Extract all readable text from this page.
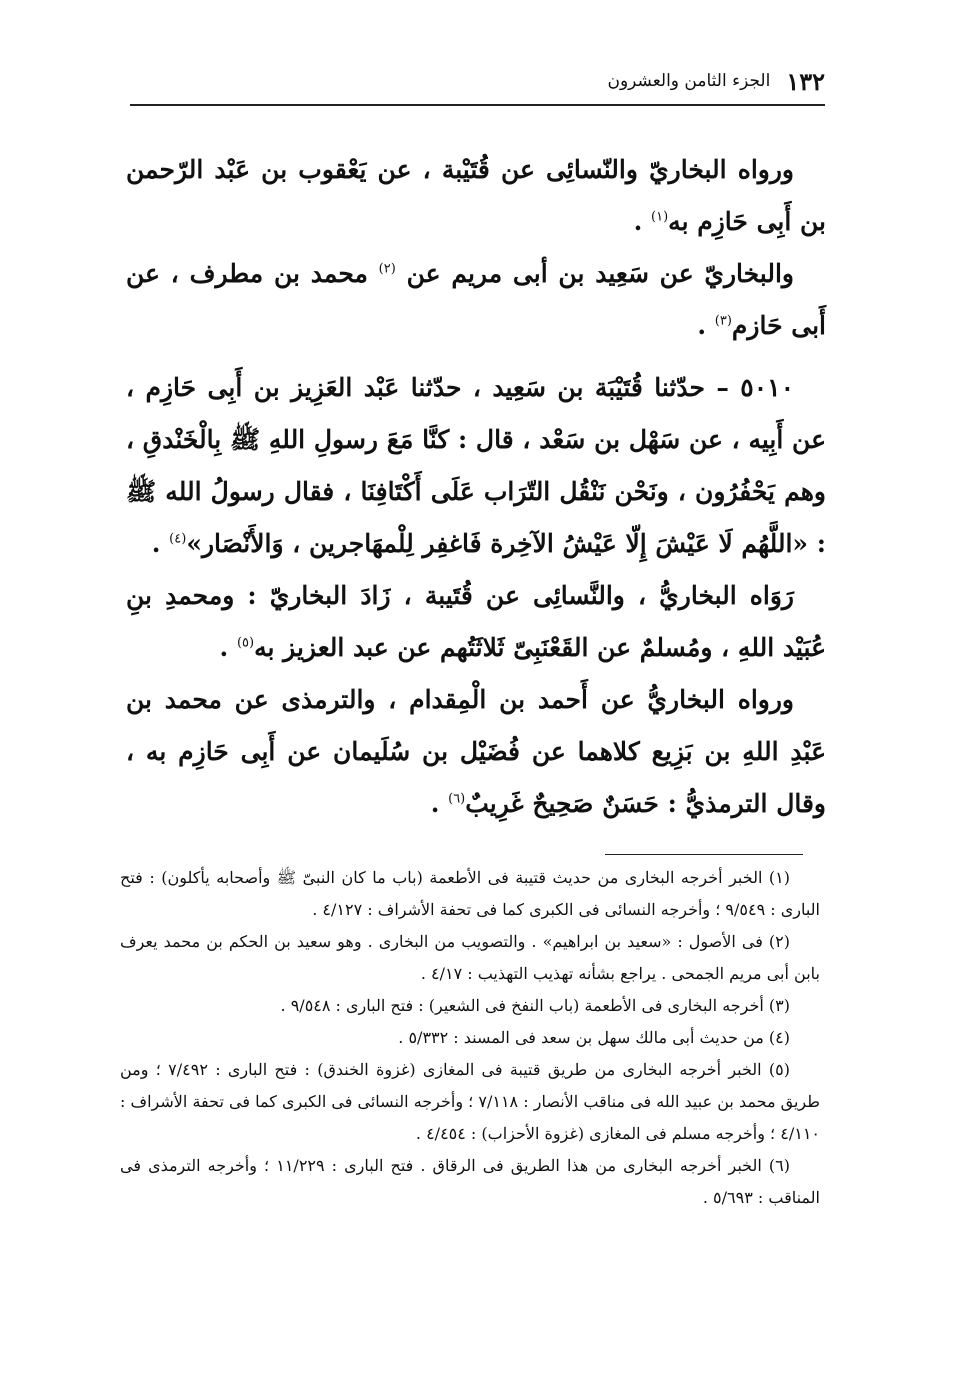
١٣٢
الجزء الثامن والعشرون

ورواه البخاريّ والنّسائِى عن قُتَيْبة ، عن يَعْقوب بن عَبْد الرّحمن بن أَبِى حَازِم به$^{(١)}$ .

والبخاريّ عن سَعِيد بن أبى مريم عن $^{(٢)}$ محمد بن مطرف ، عن أَبى حَازم$^{(٣)}$ .

٥٠١٠ – حدّثنا قُتَيْبَة بن سَعِيد ، حدّثنا عَبْد العَزِيز بن أَبِى حَازِم ، عن أَبِيه ، عن سَهْل بن سَعْد ، قال : كنَّا مَعَ رسولِ اللهِ ﷺ بِالْخَنْدقِ ، وهم يَحْفُرُون ، ونَحْن نَنْقُل التّرَاب عَلَى أَكْتَافِنَا ، فقال رسولُ الله ﷺ : «اللَّهُم لَا عَيْشَ إِلّا عَيْشُ الآخِرة فَاغفِر لِلْمهَاجرين ، وَالأَنْصَار»$^{(٤)}$ .

رَوَاه البخاريُّ ، والنَّسائِى عن قُتَيبة ، زَادَ البخاريّ : ومحمدِ بنِ عُبَيْد اللهِ ، ومُسلمٌ عن القَعْنَبِىّ ثَلاثَتُهم عن عبد العزيز به$^{(٥)}$ .

ورواه البخاريُّ عن أَحمد بن الْمِقدام ، والترمذى عن محمد بن عَبْدِ اللهِ بن بَزِيع كلاهما عن فُضَيْل بن سُلَيمان عن أَبِى حَازِم به ، وقال الترمذيُّ : حَسَنٌ صَحِيحٌ غَرِيبٌ$^{(٦)}$ .

(١) الخبر أخرجه البخارى من حديث قتيبة فى الأطعمة (باب ما كان النبىّ ﷺ وأصحابه يأكلون) : فتح البارى : ٩/٥٤٩ ؛ وأخرجه النسائى فى الكبرى كما فى تحفة الأشراف : ٤/١٢٧ .

(٢) فى الأصول : «سعيد بن ابراهيم» . والتصويب من البخارى . وهو سعيد بن الحكم بن محمد يعرف بابن أبى مريم الجمحى . يراجع بشأنه تهذيب التهذيب : ٤/١٧ .

(٣) أخرجه البخارى فى الأطعمة (باب النفخ فى الشعير) : فتح البارى : ٩/٥٤٨ .

(٤) من حديث أبى مالك سهل بن سعد فى المسند : ٥/٣٣٢ .

(٥) الخبر أخرجه البخارى من طريق قتيبة فى المغازى (غزوة الخندق) : فتح البارى : ٧/٤٩٢ ؛ ومن طريق محمد بن عبيد الله فى مناقب الأنصار : ٧/١١٨ ؛ وأخرجه النسائى فى الكبرى كما فى تحفة الأشراف : ٤/١١٠ ؛ وأخرجه مسلم فى المغازى (غزوة الأحزاب) : ٤/٤٥٤ .

(٦) الخبر أخرجه البخارى من هذا الطريق فى الرقاق . فتح البارى : ١١/٢٢٩ ؛ وأخرجه الترمذى فى المناقب : ٥/٦٩٣ .
